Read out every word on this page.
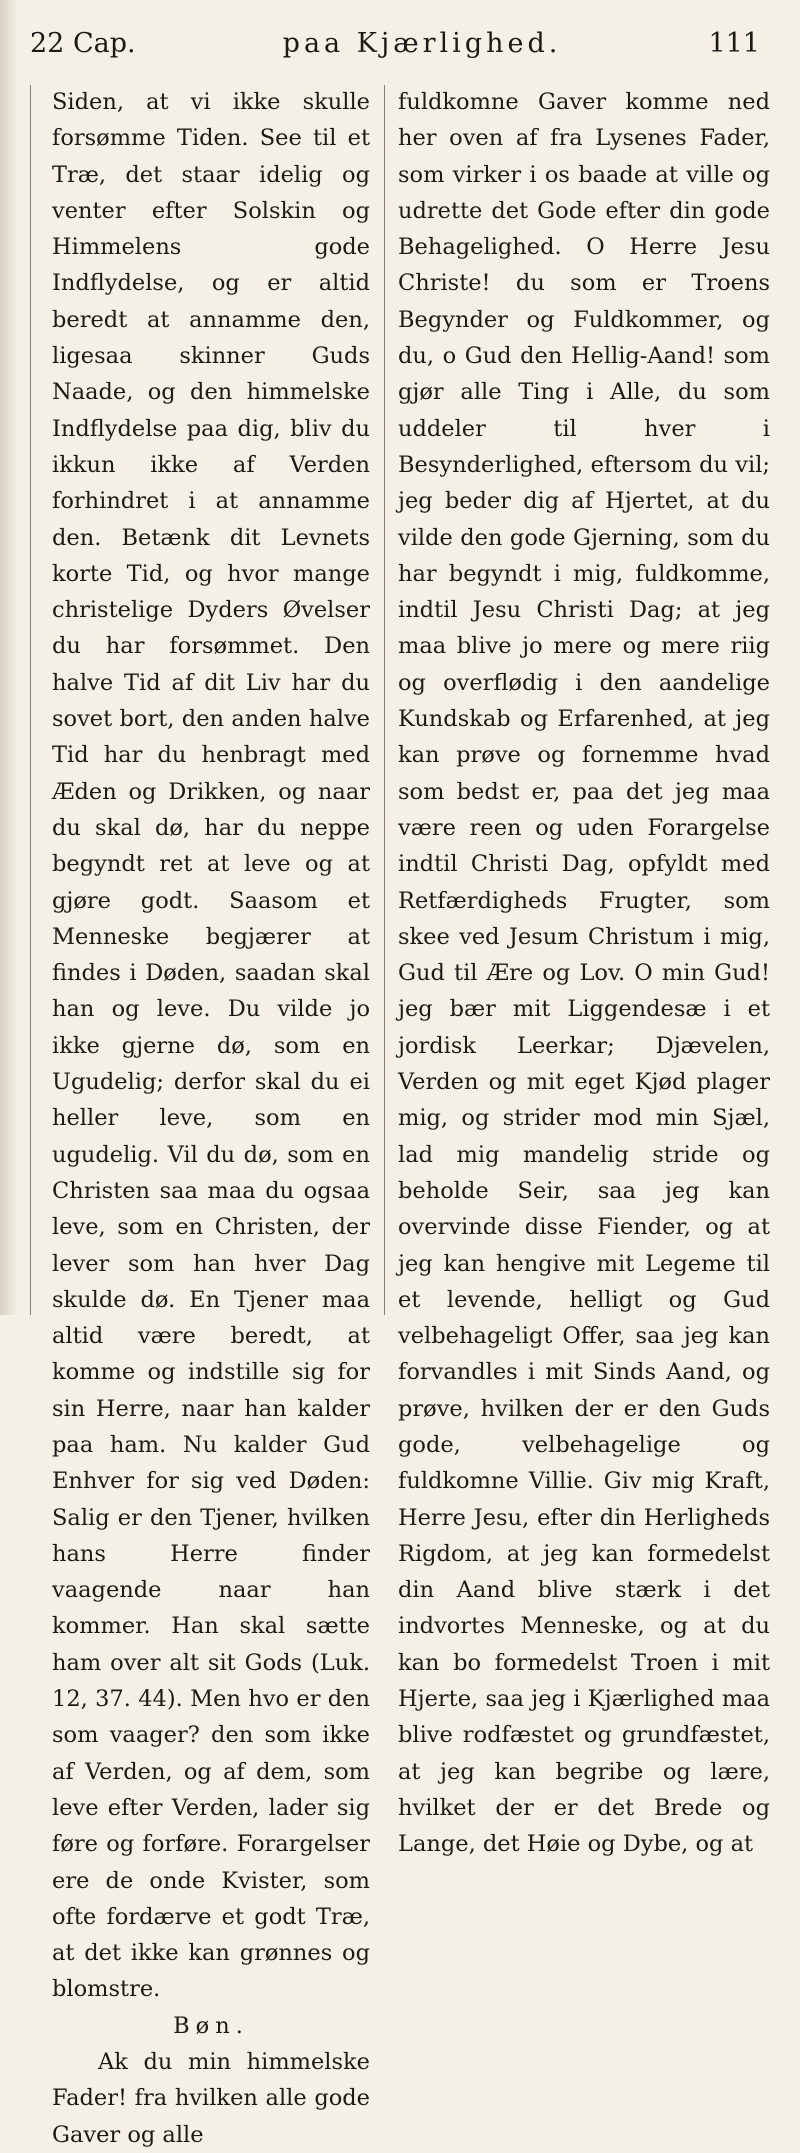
22 Cap.	paa Kjærlighed.	111

Siden, at vi ikke skulle forsømme Tiden. See til et Træ, det staar idelig og venter efter Solskin og Himmelens gode Indflydelse, og er altid beredt at annamme den, ligesaa skinner Guds Naade, og den himmelske Indflydelse paa dig, bliv du ikkun ikke af Verden forhindret i at annamme den. Betænk dit Levnets korte Tid, og hvor mange christelige Dyders Øvelser du har forsømmet. Den halve Tid af dit Liv har du sovet bort, den anden halve Tid har du henbragt med Æden og Drikken, og naar du skal dø, har du neppe begyndt ret at leve og at gjøre godt. Saasom et Menneske begjærer at findes i Døden, saadan skal han og leve. Du vilde jo ikke gjerne dø, som en Ugudelig; derfor skal du ei heller leve, som en ugudelig. Vil du dø, som en Christen saa maa du ogsaa leve, som en Christen, der lever som han hver Dag skulde dø. En Tjener maa altid være beredt, at komme og indstille sig for sin Herre, naar han kalder paa ham. Nu kalder Gud Enhver for sig ved Døden: Salig er den Tjener, hvilken hans Herre finder vaagende naar han kommer. Han skal sætte ham over alt sit Gods (Luk. 12, 37. 44). Men hvo er den som vaager? den som ikke af Verden, og af dem, som leve efter Verden, lader sig føre og forføre. Forargelser ere de onde Kvister, som ofte fordærve et godt Træ, at det ikke kan grønnes og blomstre.

Bøn.

Ak du min himmelske Fader! fra hvilken alle gode Gaver og alle

fuldkomne Gaver komme ned her oven af fra Lysenes Fader, som virker i os baade at ville og udrette det Gode efter din gode Behagelighed. O Herre Jesu Christe! du som er Troens Begynder og Fuldkommer, og du, o Gud den Hellig-Aand! som gjør alle Ting i Alle, du som uddeler til hver i Besynderlighed, eftersom du vil; jeg beder dig af Hjertet, at du vilde den gode Gjerning, som du har begyndt i mig, fuldkomme, indtil Jesu Christi Dag; at jeg maa blive jo mere og mere riig og overflødig i den aandelige Kundskab og Erfarenhed, at jeg kan prøve og fornemme hvad som bedst er, paa det jeg maa være reen og uden Forargelse indtil Christi Dag, opfyldt med Retfærdigheds Frugter, som skee ved Jesum Christum i mig, Gud til Ære og Lov. O min Gud! jeg bær mit Liggendesæ i et jordisk Leerkar; Djævelen, Verden og mit eget Kjød plager mig, og strider mod min Sjæl, lad mig mandelig stride og beholde Seir, saa jeg kan overvinde disse Fiender, og at jeg kan hengive mit Legeme til et levende, helligt og Gud velbehageligt Offer, saa jeg kan forvandles i mit Sinds Aand, og prøve, hvilken der er den Guds gode, velbehagelige og fuldkomne Villie. Giv mig Kraft, Herre Jesu, efter din Herligheds Rigdom, at jeg kan formedelst din Aand blive stærk i det indvortes Menneske, og at du kan bo formedelst Troen i mit Hjerte, saa jeg i Kjærlighed maa blive rodfæstet og grundfæstet, at jeg kan begribe og lære, hvilket der er det Brede og Lange, det Høie og Dybe, og at
